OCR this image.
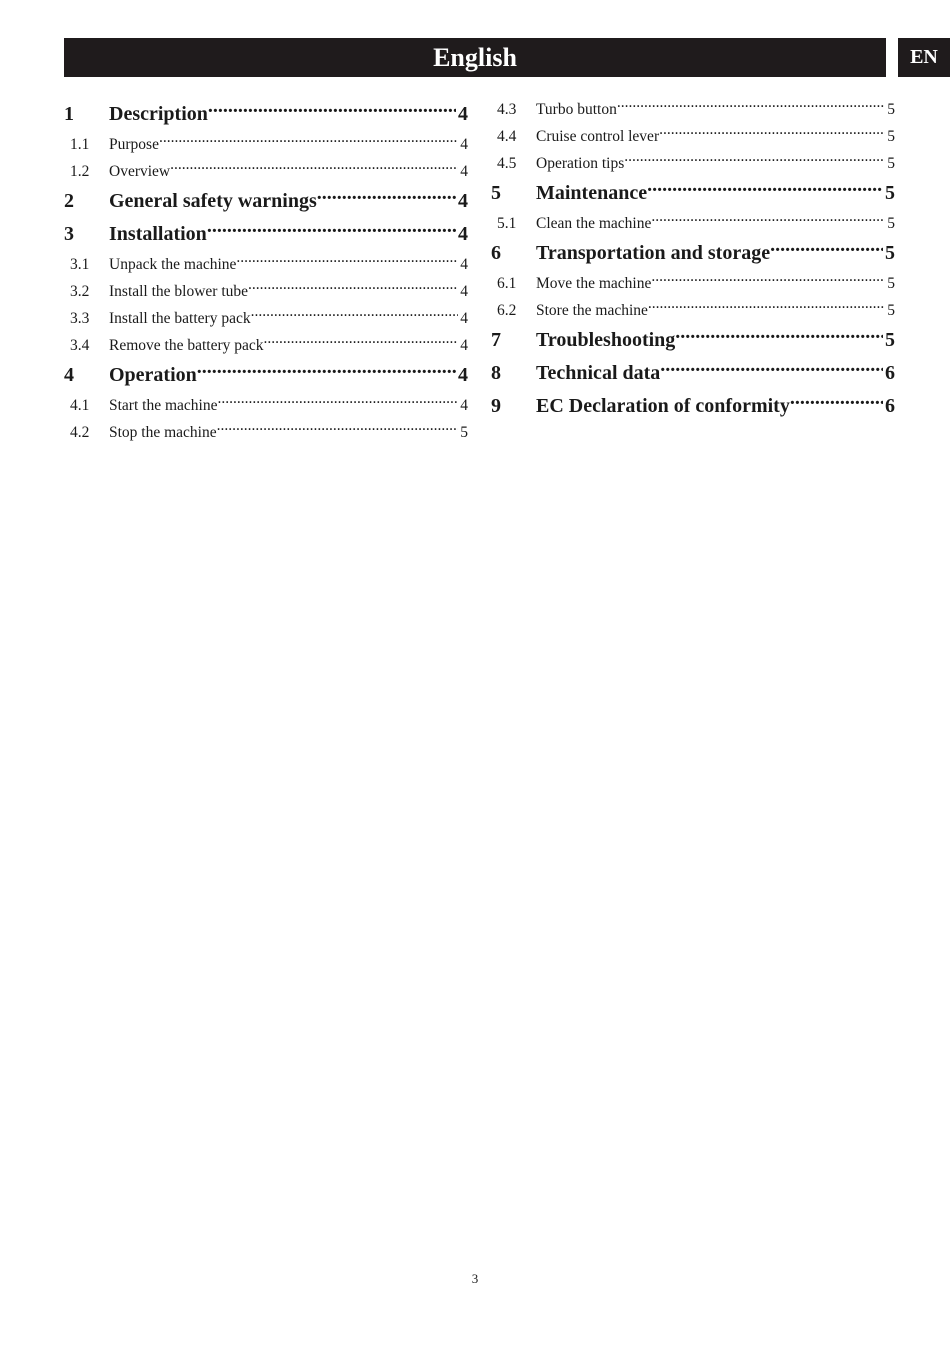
English	EN
1	Description .....	4
1.1	Purpose .....	4
1.2	Overview .....	4
2	General safety warnings .....	4
3	Installation .....	4
3.1	Unpack the machine .....	4
3.2	Install the blower tube .....	4
3.3	Install the battery pack .....	4
3.4	Remove the battery pack .....	4
4	Operation .....	4
4.1	Start the machine .....	4
4.2	Stop the machine .....	5
4.3	Turbo button .....	5
4.4	Cruise control lever .....	5
4.5	Operation tips .....	5
5	Maintenance .....	5
5.1	Clean the machine .....	5
6	Transportation and storage .....	5
6.1	Move the machine .....	5
6.2	Store the machine .....	5
7	Troubleshooting .....	5
8	Technical data .....	6
9	EC Declaration of conformity .....	6
3
